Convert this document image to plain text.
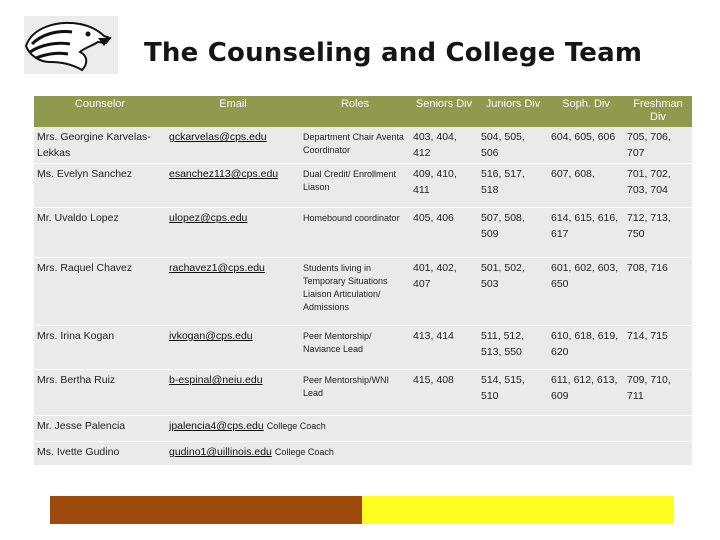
The Counseling and College Team
Counselor	Email	Roles	Seniors Div	Juniors Div	Soph. Div	Freshman Div
Mrs. Georgine Karvelas-Lekkas	gckarvelas@cps.edu	Department Chair Aventa Coordinator	403, 404, 412	504, 505, 506	604, 605, 606	705, 706, 707
Ms. Evelyn Sanchez	esanchez113@cps.edu	Dual Credit/ Enrollment Liason	409, 410, 411	516, 517, 518	607, 608,	701, 702, 703, 704
Mr. Uvaldo Lopez	ulopez@cps.edu	Homebound coordinator	405, 406	507, 508, 509	614, 615, 616, 617	712, 713, 750
Mrs. Raquel Chavez	rachavez1@cps.edu	Students living in Temporary Situations Liaison Articulation/ Admissions	401, 402, 407	501, 502, 503	601, 602, 603, 650	708, 716
Mrs. Irina Kogan	ivkogan@cps.edu	Peer Mentorship/ Naviance Lead	413, 414	511, 512, 513, 550	610, 618, 619, 620	714, 715
Mrs. Bertha Ruiz	b-espinal@neiu.edu	Peer Mentorship/WNI Lead	415, 408	514, 515, 510	611, 612, 613, 609	709, 710, 711
Mr. Jesse Palencia	jpalencia4@cps.edu College Coach					
Ms. Ivette Gudino	gudino1@uillinois.edu College Coach					
